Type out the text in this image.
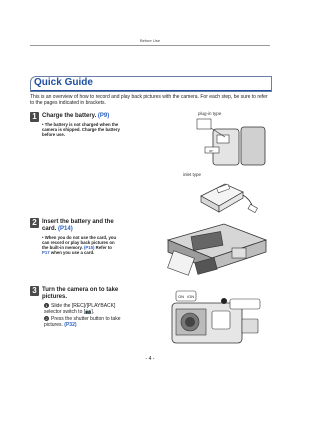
Before Use
Quick Guide
This is an overview of how to record and play back pictures with the camera. For each step, be sure to refer to the pages indicated in brackets.
1 Charge the battery. (P9)
• The battery is not charged when the camera is shipped. Charge the battery before use.
plug-in type
90°
inlet type
2 Insert the battery and the card. (P14)
• When you do not use the card, you can record or play back pictures on the built-in memory. (P15) Refer to P17 when you use a card.
3 Turn the camera on to take pictures.
1 Slide the [REC]/[PLAYBACK] selector switch to [📷].
2 Press the shutter button to take pictures. (P32)
ON /ON
- 4 -
